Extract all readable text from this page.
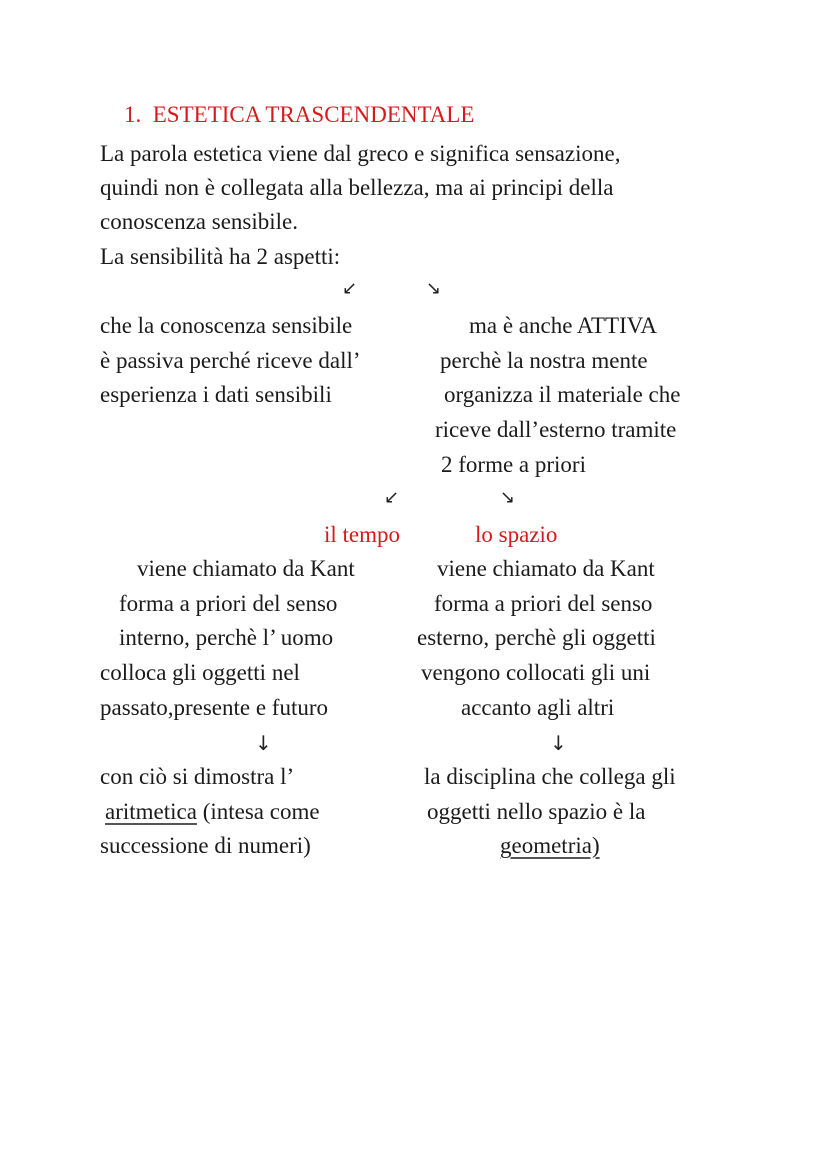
1. ESTETICA TRASCENDENTALE

La parola estetica viene dal greco e significa sensazione,

quindi non è collegata alla bellezza, ma ai principi della

conoscenza sensibile.

La sensibilità ha 2 aspetti:

↙	↘

che la conoscenza sensibile

è passiva perché riceve dall’

esperienza i dati sensibili

ma è anche ATTIVA

perchè la nostra mente

organizza il materiale che

riceve dall’esterno tramite

2 forme a priori

↙	↘

il tempo	lo spazio

viene chiamato da Kant

forma a priori del senso

interno, perchè l’ uomo

colloca gli oggetti nel

passato,presente e futuro

viene chiamato da Kant

forma a priori del senso

esterno, perchè gli oggetti

vengono collocati gli uni

accanto agli altri

↓	↓

con ciò si dimostra l’

aritmetica (intesa come

successione di numeri)

la disciplina che collega gli

oggetti nello spazio è la

geometria)
